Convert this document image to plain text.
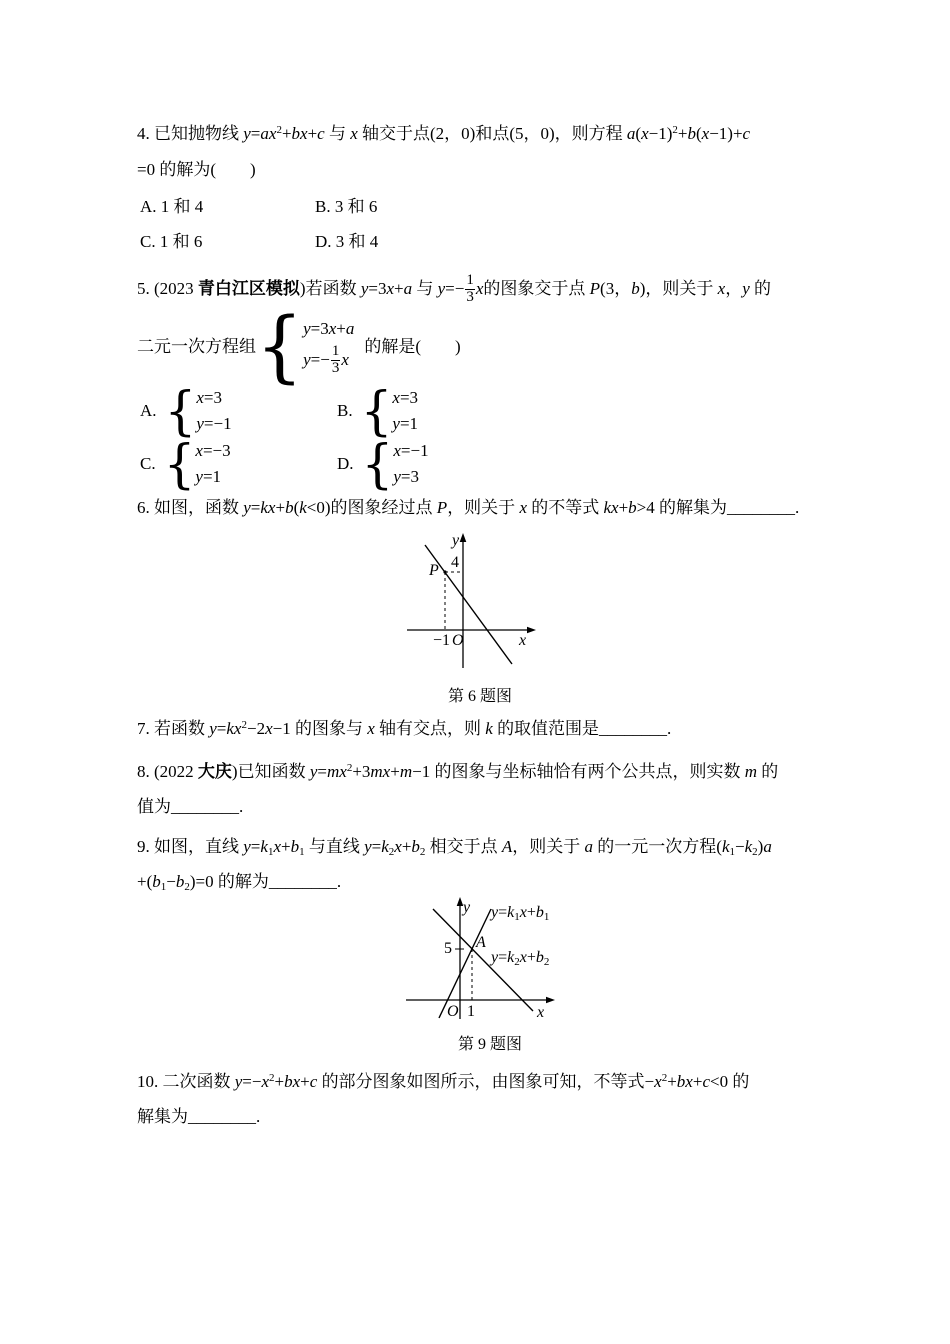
4. 已知抛物线 $y=ax^2+bx+c$ 与 x 轴交于点(2，0)和点(5，0)，则方程 $a(x-1)^2+b(x-1)+c$
=0 的解为(　　)
A. 1 和 4	B. 3 和 6
C. 1 和 6	D. 3 和 4
5. (2023 青白江区模拟)若函数 y=3x+a 与 $y=- \frac{1}{3}$ x 的图象交于点 P(3，b)，则关于 x，y 的
二元一次方程组 { y=3x+a
$y=- \frac{1}{3}$ x
的解是(　　)
A. { x=3
y=−1
B. { x=3
y=1
C. { x=−3
y=1
D. { x=−1
y=3
6. 如图，函数 y=kx+b(k<0)的图象经过点 P，则关于 x 的不等式 kx+b>4 的解集为________.
y
4
P
−1 O	x
第 6 题图
7. 若函数 $y=kx^2-2x-1$ 的图象与 x 轴有交点，则 k 的取值范围是________.
8. (2022 大庆)已知函数 $y=mx^2+3mx+m-1$ 的图象与坐标轴恰有两个公共点，则实数 m 的
值为________.
9. 如图，直线 $y=k_1x+b_1$ 与直线 $y=k_2x+b_2$ 相交于点 A，则关于 a 的一元一次方程$(k_1-k_2)a$
$+(b_1-b_2)=0$ 的解为________.
y
A
5
O 1	x
$y=k_1x+b_1$
$y=k_2x+b_2$
第 9 题图
10. 二次函数 $y=-x^2+bx+c$ 的部分图象如图所示，由图象可知，不等式$-x^2+bx+c<0$ 的
解集为________.
